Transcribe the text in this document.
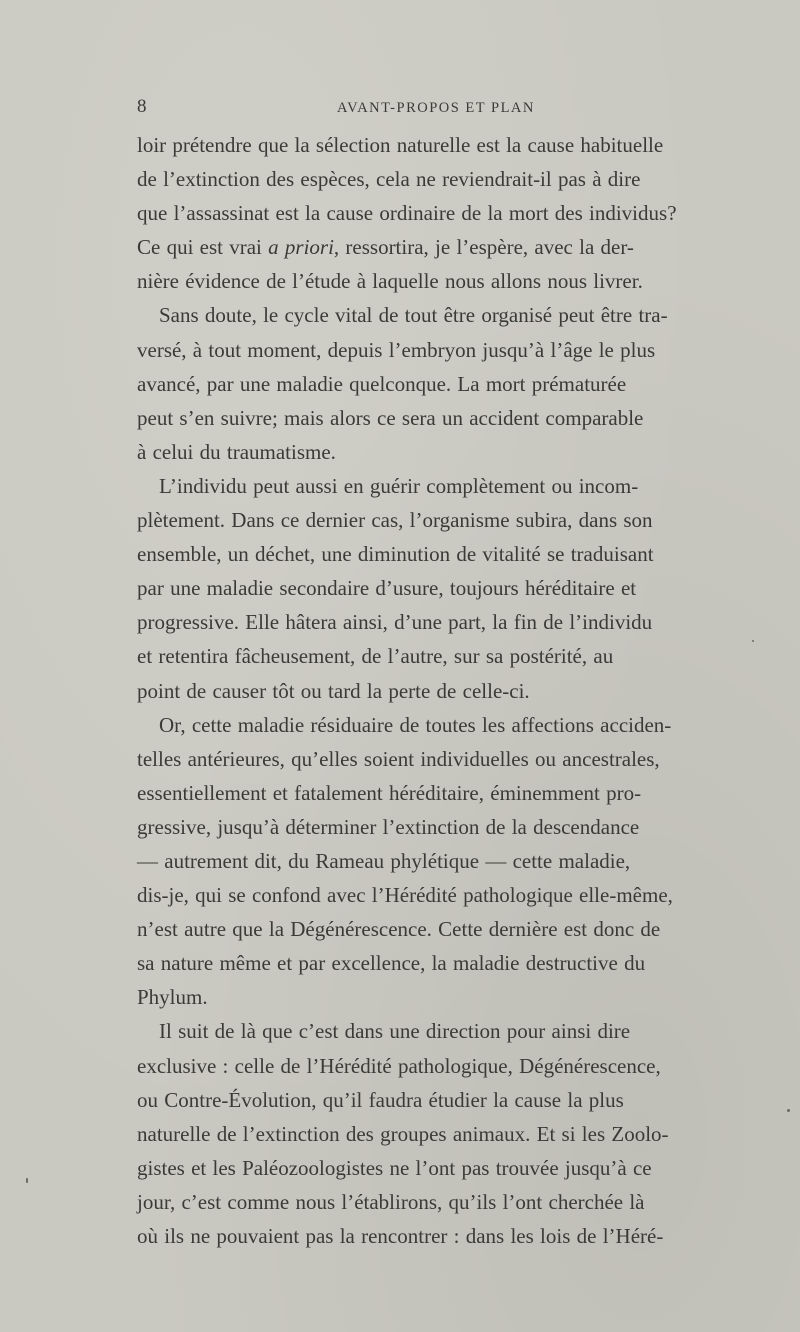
8	AVANT-PROPOS ET PLAN
loir prétendre que la sélection naturelle est la cause habituelle
de l’extinction des espèces, cela ne reviendrait-il pas à dire
que l’assassinat est la cause ordinaire de la mort des individus?
Ce qui est vrai a priori, ressortira, je l’espère, avec la der-
nière évidence de l’étude à laquelle nous allons nous livrer.
Sans doute, le cycle vital de tout être organisé peut être tra-
versé, à tout moment, depuis l’embryon jusqu’à l’âge le plus
avancé, par une maladie quelconque. La mort prématurée
peut s’en suivre; mais alors ce sera un accident comparable
à celui du traumatisme.
L’individu peut aussi en guérir complètement ou incom-
plètement. Dans ce dernier cas, l’organisme subira, dans son
ensemble, un déchet, une diminution de vitalité se traduisant
par une maladie secondaire d’usure, toujours héréditaire et
progressive. Elle hâtera ainsi, d’une part, la fin de l’individu
et retentira fâcheusement, de l’autre, sur sa postérité, au
point de causer tôt ou tard la perte de celle-ci.
Or, cette maladie résiduaire de toutes les affections acciden-
telles antérieures, qu’elles soient individuelles ou ancestrales,
essentiellement et fatalement héréditaire, éminemment pro-
gressive, jusqu’à déterminer l’extinction de la descendance
— autrement dit, du Rameau phylétique — cette maladie,
dis-je, qui se confond avec l’Hérédité pathologique elle-même,
n’est autre que la Dégénérescence. Cette dernière est donc de
sa nature même et par excellence, la maladie destructive du
Phylum.
Il suit de là que c’est dans une direction pour ainsi dire
exclusive : celle de l’Hérédité pathologique, Dégénérescence,
ou Contre-Évolution, qu’il faudra étudier la cause la plus
naturelle de l’extinction des groupes animaux. Et si les Zoolo-
gistes et les Paléozoologistes ne l’ont pas trouvée jusqu’à ce
jour, c’est comme nous l’établirons, qu’ils l’ont cherchée là
où ils ne pouvaient pas la rencontrer : dans les lois de l’Héré-
